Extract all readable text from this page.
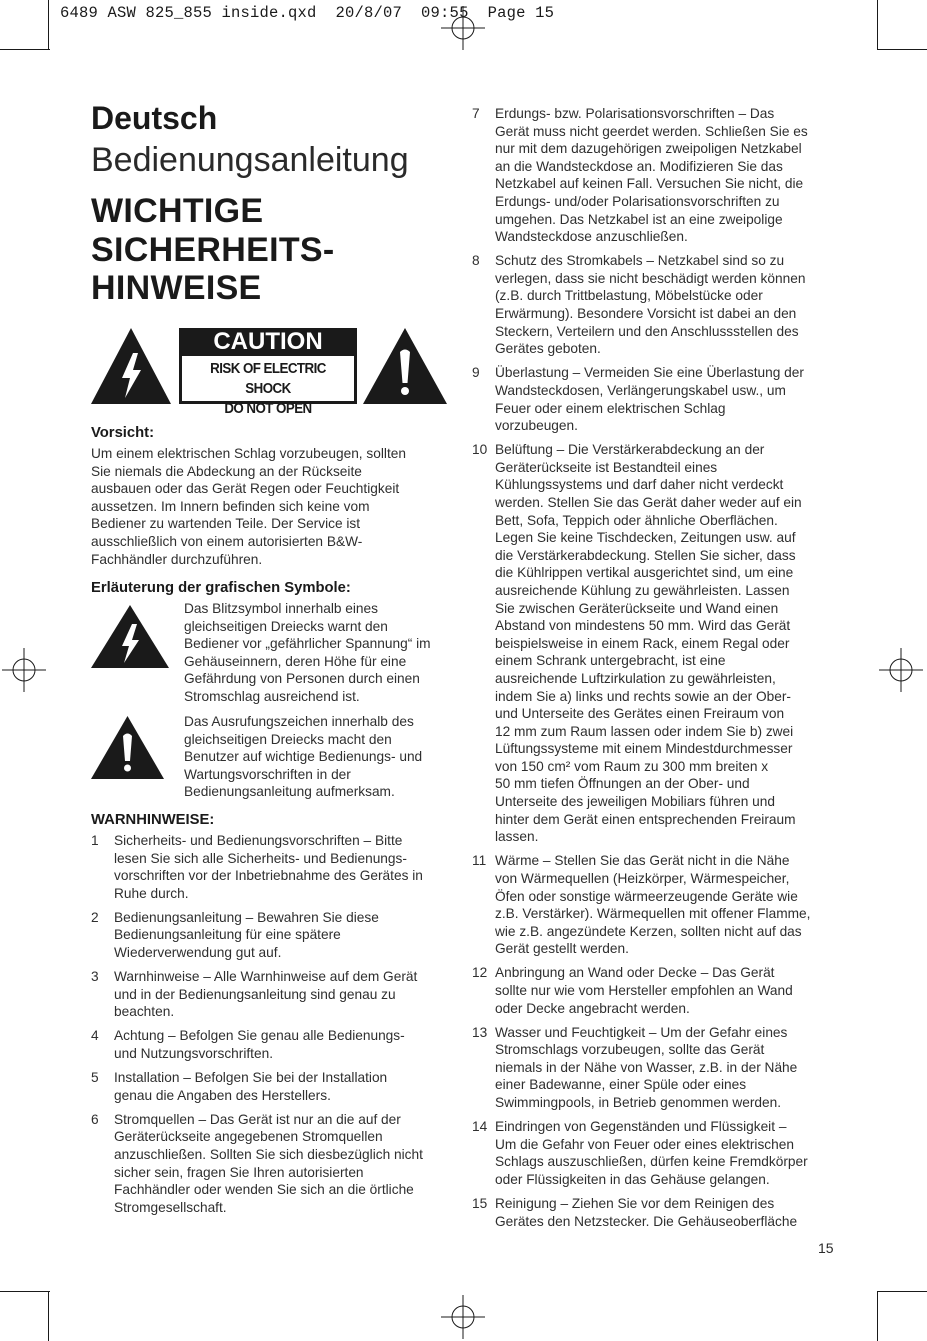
6489 ASW 825_855 inside.qxd  20/8/07  09:55  Page 15
Deutsch
Bedienungsanleitung
WICHTIGE
SICHERHEITS-
HINWEISE
CAUTION
RISK OF ELECTRIC SHOCK
DO NOT OPEN
Vorsicht:
Um einem elektrischen Schlag vorzubeugen, sollten
Sie niemals die Abdeckung an der Rückseite
ausbauen oder das Gerät Regen oder Feuchtigkeit
aussetzen. Im Innern befinden sich keine vom
Bediener zu wartenden Teile. Der Service ist
ausschließlich von einem autorisierten B&W-
Fachhändler durchzuführen.
Erläuterung der grafischen Symbole:
Das Blitzsymbol innerhalb eines
gleichseitigen Dreiecks warnt den
Bediener vor „gefährlicher Spannung“ im
Gehäuseinnern, deren Höhe für eine
Gefährdung von Personen durch einen
Stromschlag ausreichend ist.
Das Ausrufungszeichen innerhalb des
gleichseitigen Dreiecks macht den
Benutzer auf wichtige Bedienungs- und
Wartungsvorschriften in der
Bedienungsanleitung aufmerksam.
WARNHINWEISE:
1	Sicherheits- und Bedienungsvorschriften – Bitte
lesen Sie sich alle Sicherheits- und Bedienungs-
vorschriften vor der Inbetriebnahme des Gerätes in
Ruhe durch.
2	Bedienungsanleitung – Bewahren Sie diese
Bedienungsanleitung für eine spätere
Wiederverwendung gut auf.
3	Warnhinweise – Alle Warnhinweise auf dem Gerät
und in der Bedienungsanleitung sind genau zu
beachten.
4	Achtung – Befolgen Sie genau alle Bedienungs-
und Nutzungsvorschriften.
5	Installation – Befolgen Sie bei der Installation
genau die Angaben des Herstellers.
6	Stromquellen – Das Gerät ist nur an die auf der
Geräterückseite angegebenen Stromquellen
anzuschließen. Sollten Sie sich diesbezüglich nicht
sicher sein, fragen Sie Ihren autorisierten
Fachhändler oder wenden Sie sich an die örtliche
Stromgesellschaft.
7	Erdungs- bzw. Polarisationsvorschriften – Das
Gerät muss nicht geerdet werden. Schließen Sie es
nur mit dem dazugehörigen zweipoligen Netzkabel
an die Wandsteckdose an. Modifizieren Sie das
Netzkabel auf keinen Fall. Versuchen Sie nicht, die
Erdungs- und/oder Polarisationsvorschriften zu
umgehen. Das Netzkabel ist an eine zweipolige
Wandsteckdose anzuschließen.
8	Schutz des Stromkabels – Netzkabel sind so zu
verlegen, dass sie nicht beschädigt werden können
(z.B. durch Trittbelastung, Möbelstücke oder
Erwärmung). Besondere Vorsicht ist dabei an den
Steckern, Verteilern und den Anschlussstellen des
Gerätes geboten.
9	Überlastung – Vermeiden Sie eine Überlastung der
Wandsteckdosen, Verlängerungskabel usw., um
Feuer oder einem elektrischen Schlag
vorzubeugen.
10 Belüftung – Die Verstärkerabdeckung an der
Geräterückseite ist Bestandteil eines
Kühlungssystems und darf daher nicht verdeckt
werden. Stellen Sie das Gerät daher weder auf ein
Bett, Sofa, Teppich oder ähnliche Oberflächen.
Legen Sie keine Tischdecken, Zeitungen usw. auf
die Verstärkerabdeckung. Stellen Sie sicher, dass
die Kühlrippen vertikal ausgerichtet sind, um eine
ausreichende Kühlung zu gewährleisten. Lassen
Sie zwischen Geräterückseite und Wand einen
Abstand von mindestens 50 mm. Wird das Gerät
beispielsweise in einem Rack, einem Regal oder
einem Schrank untergebracht, ist eine
ausreichende Luftzirkulation zu gewährleisten,
indem Sie a) links und rechts sowie an der Ober-
und Unterseite des Gerätes einen Freiraum von
12 mm zum Raum lassen oder indem Sie b) zwei
Lüftungssysteme mit einem Mindestdurchmesser
von 150 cm² vom Raum zu 300 mm breiten x
50 mm tiefen Öffnungen an der Ober- und
Unterseite des jeweiligen Mobiliars führen und
hinter dem Gerät einen entsprechenden Freiraum
lassen.
11 Wärme – Stellen Sie das Gerät nicht in die Nähe
von Wärmequellen (Heizkörper, Wärmespeicher,
Öfen oder sonstige wärmeerzeugende Geräte wie
z.B. Verstärker). Wärmequellen mit offener Flamme,
wie z.B. angezündete Kerzen, sollten nicht auf das
Gerät gestellt werden.
12 Anbringung an Wand oder Decke – Das Gerät
sollte nur wie vom Hersteller empfohlen an Wand
oder Decke angebracht werden.
13 Wasser und Feuchtigkeit – Um der Gefahr eines
Stromschlags vorzubeugen, sollte das Gerät
niemals in der Nähe von Wasser, z.B. in der Nähe
einer Badewanne, einer Spüle oder eines
Swimmingpools, in Betrieb genommen werden.
14 Eindringen von Gegenständen und Flüssigkeit –
Um die Gefahr von Feuer oder eines elektrischen
Schlags auszuschließen, dürfen keine Fremdkörper
oder Flüssigkeiten in das Gehäuse gelangen.
15 Reinigung – Ziehen Sie vor dem Reinigen des
Gerätes den Netzstecker. Die Gehäuseoberfläche
15
